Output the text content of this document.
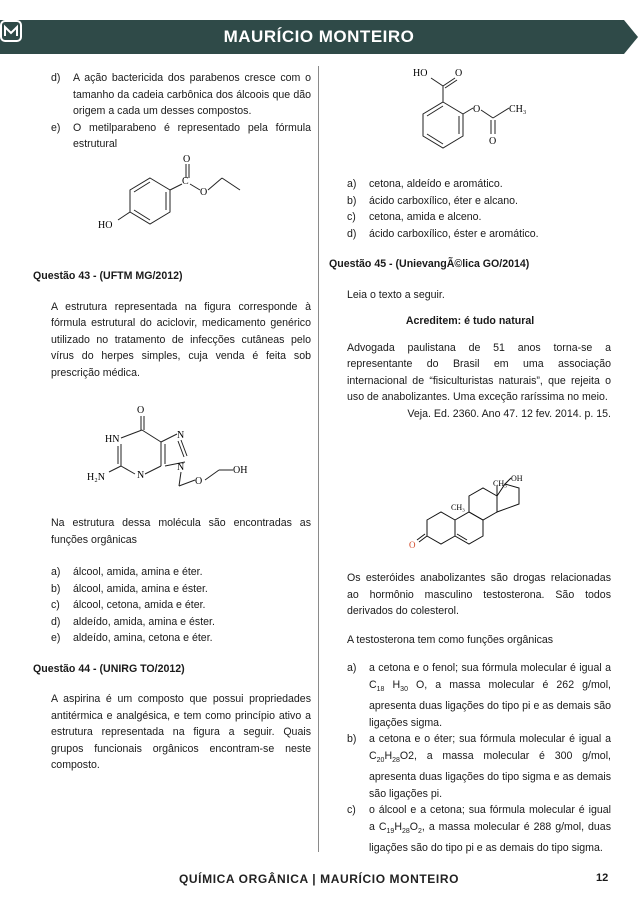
MAURÍCIO MONTEIRO
d)	A ação bactericida dos parabenos cresce com o tamanho da cadeia carbônica dos álcoois que dão origem a cada um desses compostos.
e)	O metilparabeno é representado pela fórmula estrutural
O
C
O
HO
Questão 43 - (UFTM MG/2012)

A estrutura representada na figura corresponde à fórmula estrutural do aciclovir, medicamento genérico utilizado no tratamento de infecções cutâneas pelo vírus do herpes simples, cuja venda é feita sob prescrição médica.

O
HN	N
N
N
H₂N	O
OH

Na estrutura dessa molécula são encontradas as funções orgânicas

a)	álcool, amida, amina e éter.
b)	álcool, amida, amina e éster.
c)	álcool, cetona, amida e éter.
d)	aldeído, amida, amina e éster.
e)	aldeído, amina, cetona e éter.
Questão 44 - (UNIRG TO/2012)

A aspirina é um composto que possui propriedades antitérmica e analgésica, e tem como princípio ativo a estrutura representada na figura a seguir. Quais grupos funcionais orgânicos encontram-se neste composto.

HO	O
O	CH₃
O
a)	cetona, aldeído e aromático.
b)	ácido carboxílico, éter e alcano.
c)	cetona, amida e alceno.
d)	ácido carboxílico, éster e aromático.
Questão 45 - (UnievangÃ©lica GO/2014)

Leia o texto a seguir.

Acreditem: é tudo natural

Advogada paulistana de 51 anos torna-se a representante do Brasil em uma associação internacional de “fisiculturistas naturais”, que rejeita o uso de anabolizantes. Uma exceção raríssima no meio.

Veja. Ed. 2360. Ano 47. 12 fev. 2014. p. 15.

CH₃
OH
CH₃
O

Os esteróides anabolizantes são drogas relacionadas ao hormônio masculino testosterona. São todos derivados do colesterol.

A testosterona tem como funções orgânicas

a)	a cetona e o fenol; sua fórmula molecular é igual a $C_{18}$ $H_{30}$ O, a massa molecular é 262 g/mol, apresenta duas ligações do tipo pi e as demais são ligações sigma.
b)	a cetona e o éter; sua fórmula molecular é igual a $C_{20}H_{28}O2$, a massa molecular é 300 g/mol, apresenta duas ligações do tipo sigma e as demais são ligações pi.
c)	o álcool e a cetona; sua fórmula molecular é igual a $C_{19}H_{28}O_2$, a massa molecular é 288 g/mol, duas ligações são do tipo pi e as demais do tipo sigma.
QUÍMICA ORGÂNICA | MAURÍCIO MONTEIRO	12
